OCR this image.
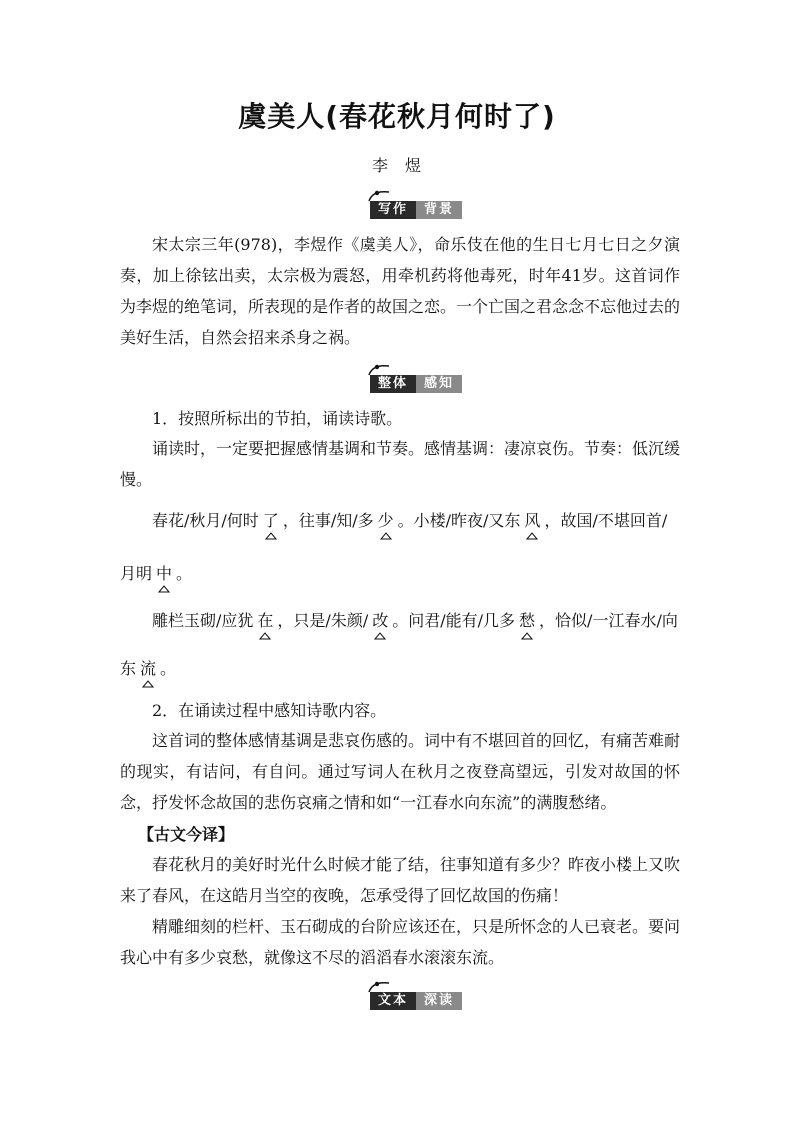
虞美人(春花秋月何时了)
李 煜
写作	背景
宋太宗三年(978)，李煜作《虞美人》，命乐伎在他的生日七月七日之夕演奏，加上徐铉出卖，太宗极为震怒，用牵机药将他毒死，时年41岁。这首词作为李煜的绝笔词，所表现的是作者的故国之恋。一个亡国之君念念不忘他过去的美好生活，自然会招来杀身之祸。
整体	感知
1．按照所标出的节拍，诵读诗歌。
诵读时，一定要把握感情基调和节奏。感情基调：凄凉哀伤。节奏：低沉缓慢。
春花/秋月/何时 了 ，往事/知/多 少 。小楼/昨夜/又东 风 ，故国/不堪回首/
月明 中 。
雕栏玉砌/应犹 在 ，只是/朱颜/ 改 。问君/能有/几多 愁 ，恰似/一江春水/向
东 流 。
2．在诵读过程中感知诗歌内容。
这首词的整体感情基调是悲哀伤感的。词中有不堪回首的回忆，有痛苦难耐的现实，有诘问，有自问。通过写词人在秋月之夜登高望远，引发对故国的怀念，抒发怀念故国的悲伤哀痛之情和如“一江春水向东流”的满腹愁绪。
【古文今译】
春花秋月的美好时光什么时候才能了结，往事知道有多少？昨夜小楼上又吹来了春风，在这皓月当空的夜晚，怎承受得了回忆故国的伤痛！
精雕细刻的栏杆、玉石砌成的台阶应该还在，只是所怀念的人已衰老。要问我心中有多少哀愁，就像这不尽的滔滔春水滚滚东流。
文本	深读
